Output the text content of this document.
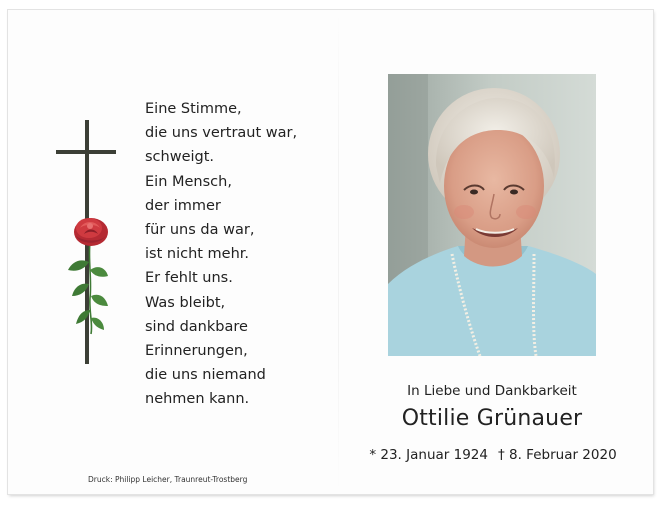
Eine Stimme,
die uns vertraut war,
schweigt.
Ein Mensch,
der immer
für uns da war,
ist nicht mehr.
Er fehlt uns.
Was bleibt,
sind dankbare
Erinnerungen,
die uns niemand
nehmen kann.
In Liebe und Dankbarkeit
Ottilie Grünauer
* 23. Januar 1924 † 8. Februar 2020
Druck: Philipp Leicher, Traunreut-Trostberg
